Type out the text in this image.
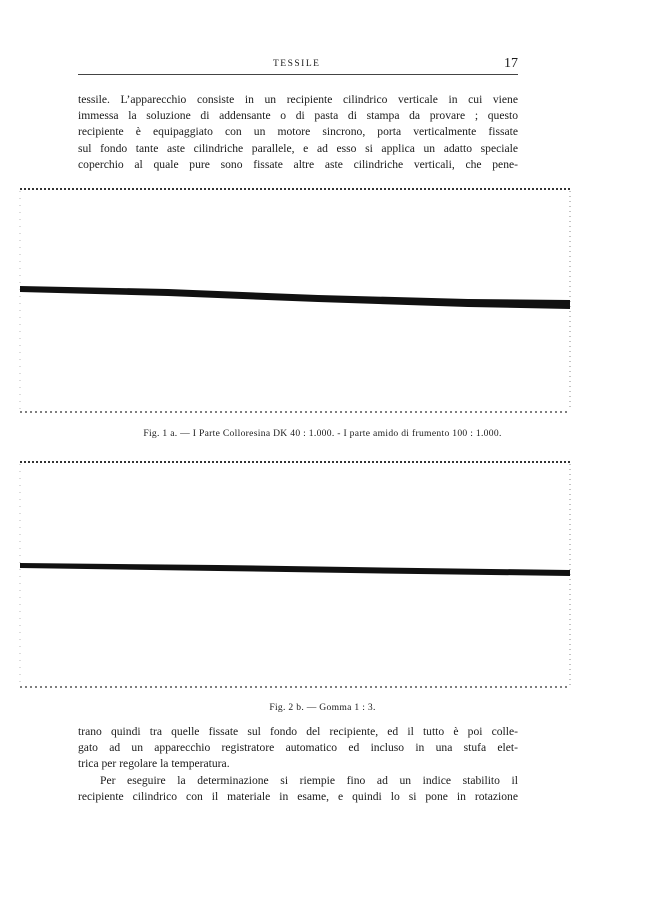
TESSILE	17
tessile. L’apparecchio consiste in un recipiente cilindrico verticale in cui viene
immessa la soluzione di addensante o di pasta di stampa da provare ; questo
recipiente è equipaggiato con un motore sincrono, porta verticalmente fissate
sul fondo tante aste cilindriche parallele, e ad esso si applica un adatto speciale
coperchio al quale pure sono fissate altre aste cilindriche verticali, che pene-
Fig. 1 a. — I Parte Colloresina DK 40 : 1.000. - I parte amido di frumento 100 : 1.000.
Fig. 2 b. — Gomma 1 : 3.
trano quindi tra quelle fissate sul fondo del recipiente, ed il tutto è poi colle-
gato ad un apparecchio registratore automatico ed incluso in una stufa elet-
trica per regolare la temperatura.
Per eseguire la determinazione si riempie fino ad un indice stabilito il
recipiente cilindrico con il materiale in esame, e quindi lo si pone in rotazione
